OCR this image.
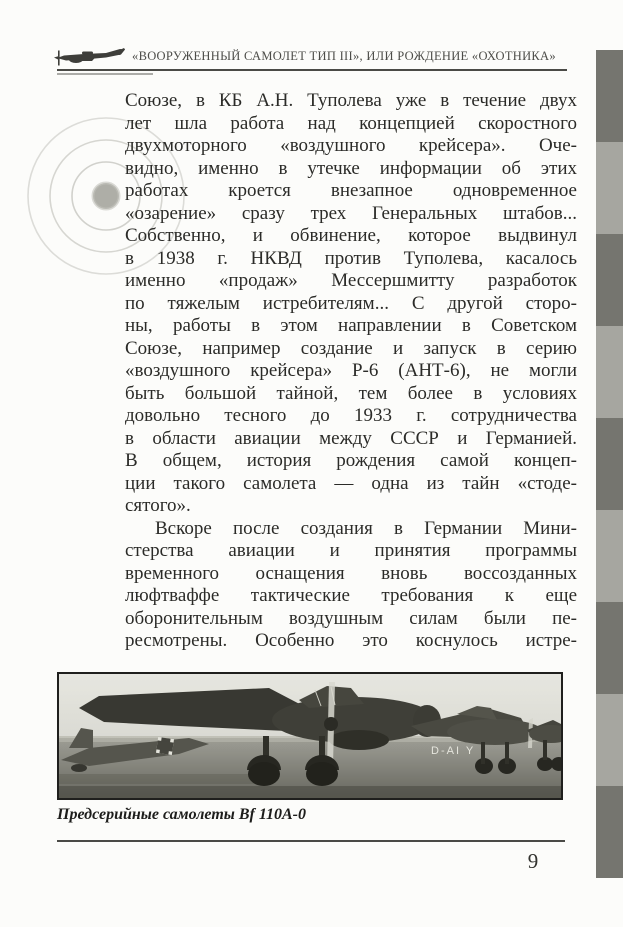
«ВООРУЖЕННЫЙ САМОЛЕТ ТИП III», ИЛИ РОЖДЕНИЕ «ОХОТНИКА»
Союзе, в КБ А.Н. Туполева уже в течение двух
лет шла работа над концепцией скоростного
двухмоторного «воздушного крейсера». Оче-
видно, именно в утечке информации об этих
работах кроется внезапное одновременное
«озарение» сразу трех Генеральных штабов...
Собственно, и обвинение, которое выдвинул
в 1938 г. НКВД против Туполева, касалось
именно «продаж» Мессершмитту разработок
по тяжелым истребителям... С другой сторо-
ны, работы в этом направлении в Советском
Союзе, например создание и запуск в серию
«воздушного крейсера» Р-6 (АНТ-6), не могли
быть большой тайной, тем более в условиях
довольно тесного до 1933 г. сотрудничества
в области авиации между СССР и Германией.
В общем, история рождения самой концеп-
ции такого самолета — одна из тайн «стоде-
сятого».
Вскоре после создания в Германии Мини-
стерства авиации и принятия программы
временного оснащения вновь воссозданных
люфтваффе тактические требования к еще
оборонительным воздушным силам были пе-
ресмотрены. Особенно это коснулось истре-
D-AI Y
Предсерийные самолеты Bf 110A-0
9
